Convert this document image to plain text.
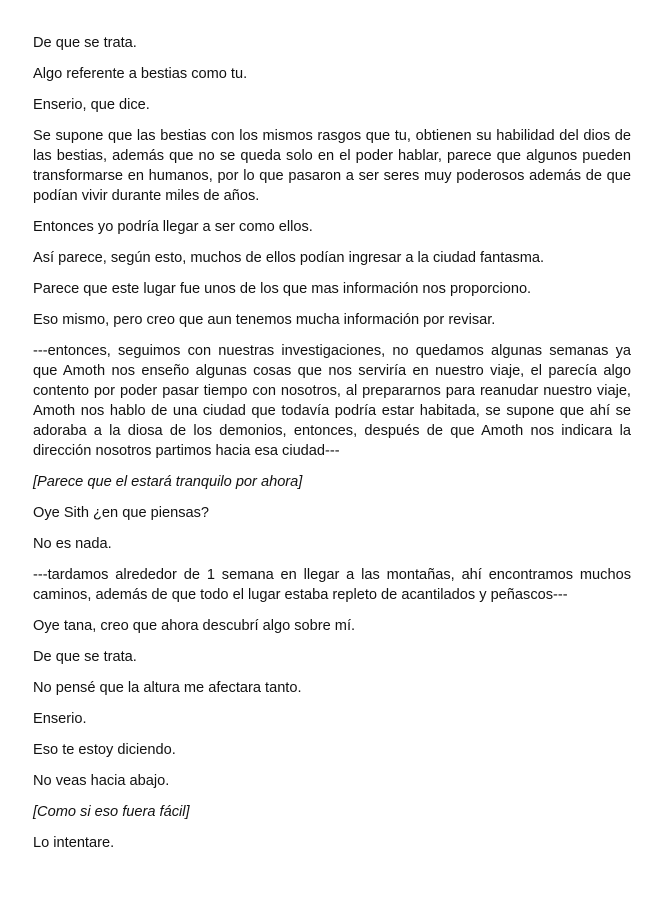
De que se trata.

Algo referente a bestias como tu.

Enserio, que dice.

Se supone que las bestias con los mismos rasgos que tu, obtienen su habilidad del dios de las bestias, además que no se queda solo en el poder hablar, parece que algunos pueden transformarse en humanos, por lo que pasaron a ser seres muy poderosos además de que podían vivir durante miles de años.

Entonces yo podría llegar a ser como ellos.

Así parece, según esto, muchos de ellos podían ingresar a la ciudad fantasma.

Parece que este lugar fue unos de los que mas información nos proporciono.

Eso mismo, pero creo que aun tenemos mucha información por revisar.

---entonces, seguimos con nuestras investigaciones, no quedamos algunas semanas ya que Amoth nos enseño algunas cosas que nos serviría en nuestro viaje, el parecía algo contento por poder pasar tiempo con nosotros, al prepararnos para reanudar nuestro viaje, Amoth nos hablo de una ciudad que todavía podría estar habitada, se supone que ahí se adoraba a la diosa de los demonios, entonces, después de que Amoth nos indicara la dirección nosotros partimos hacia esa ciudad---

[Parece que el estará tranquilo por ahora]

Oye Sith ¿en que piensas?

No es nada.

---tardamos alrededor de 1 semana en llegar a las montañas, ahí encontramos muchos caminos, además de que todo el lugar estaba repleto de acantilados y peñascos---

Oye tana, creo que ahora descubrí algo sobre mí.

De que se trata.

No pensé que la altura me afectara tanto.

Enserio.

Eso te estoy diciendo.

No veas hacia abajo.

[Como si eso fuera fácil]

Lo intentare.
